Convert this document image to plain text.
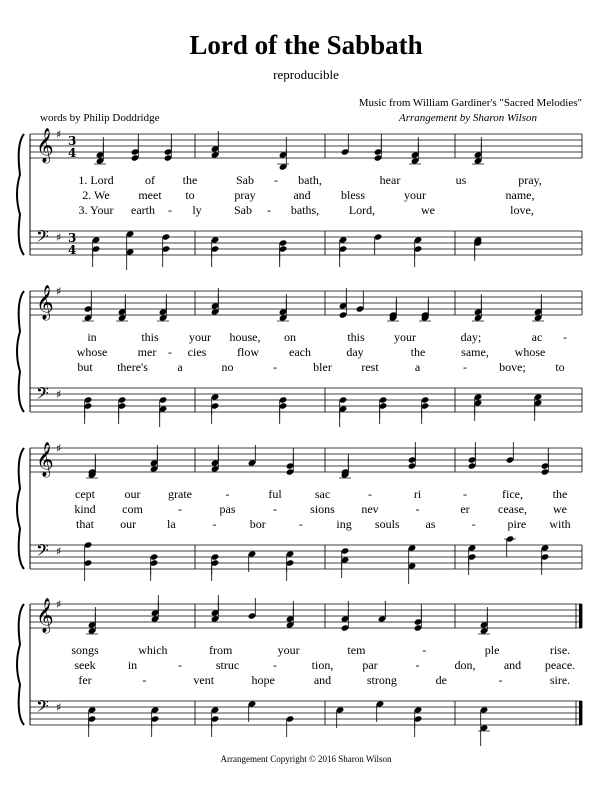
Lord of the Sabbath
reproducible
Music from William Gardiner's "Sacred Melodies"
words by Philip Doddridge	Arrangement by Sharon Wilson
Arrangement Copyright © 2016 Sharon Wilson
𝄞 ♯ 3
4
𝄢 ♯ 3
4
1. Lord	of the	Sab - bath,	hear	us	pray,
2. We meet to	pray	and	bless	your	name,
3. Your earth - ly	Sab - baths, Lord,	we	love,
𝄞 ♯
𝄢 ♯
in	this	your house, on	this your	day;	ac -
whose	mer - cies	flow	each	day	the	same, whose
but there's a	no	-	bler rest	a	-	bove; to
𝄞 ♯
𝄢 ♯
cept our grate	-	ful	sac	-	ri	-	fice, the
kind com	-	pas	-	sions nev	-	er cease, we
that our	la	-	bor	-	ing souls as	-	pire with
𝄞 ♯
𝄢 ♯
songs	which	from	your	tem	-	ple	rise.
seek	in	-	struc	-	tion, par	-	don, and peace.
fer	-	vent	hope	and	strong	de	-	sire.
